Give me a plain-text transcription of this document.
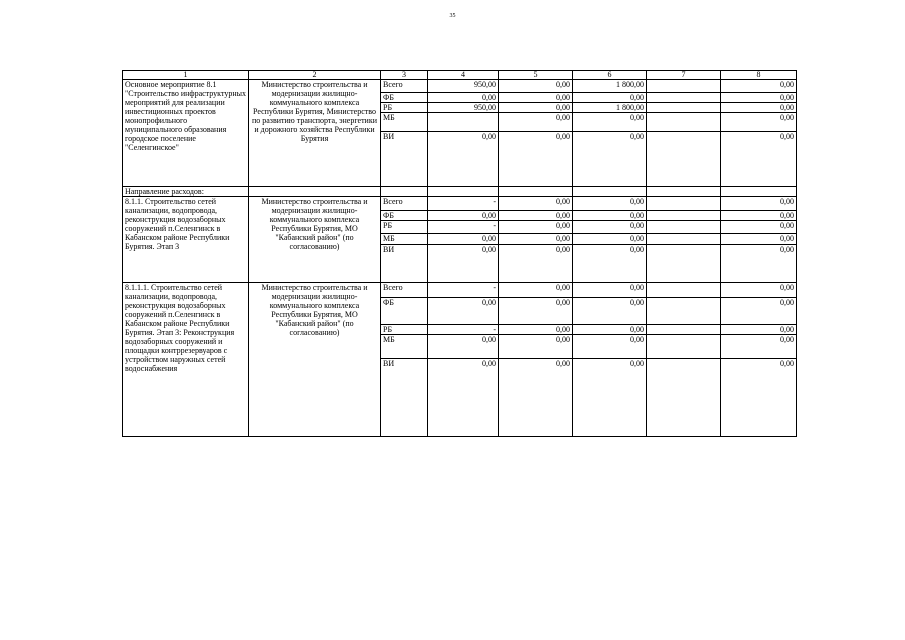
35
1	2	3	4	5	6	7	8
Основное мероприятие 8.1 "Строительство инфраструктурных мероприятий для реализации инвестиционных проектов монопрофильного муниципального образования городское поселение "Селенгинское"	Министерство строительства и модернизации жилищно-коммунального комплекса Республики Бурятия, Министерство по развитию транспорта, энергетики и дорожного хозяйства Республики Бурятия	Всего	950,00	0,00	1 800,00		0,00
		ФБ	0,00	0,00	0,00		0,00
		РБ	950,00	0,00	1 800,00		0,00
		МБ		0,00	0,00		0,00
		ВИ	0,00	0,00	0,00		0,00
Направление расходов:							
8.1.1. Строительство сетей канализации, водопровода, реконструкция водозаборных сооружений п.Селенгинск в Кабанском районе Республики Бурятия. Этап 3	Министерство строительства и модернизации жилищно-коммунального комплекса Республики Бурятия, МО "Кабанский район" (по согласованию)	Всего	-	0,00	0,00		0,00
		ФБ	0,00	0,00	0,00		0,00
		РБ	-	0,00	0,00		0,00
		МБ	0,00	0,00	0,00		0,00
		ВИ	0,00	0,00	0,00		0,00
8.1.1.1. Строительство сетей канализации, водопровода, реконструкция водозаборных сооружений п.Селенгинск в Кабанском районе Республики Бурятия. Этап 3: Реконструкция водозаборных сооружений и площадки контррезервуаров с устройством наружных сетей водоснабжения	Министерство строительства и модернизации жилищно-коммунального комплекса Республики Бурятия, МО "Кабанский район" (по согласованию)	Всего	-	0,00	0,00		0,00
		ФБ	0,00	0,00	0,00		0,00
		РБ	-	0,00	0,00		0,00
		МБ	0,00	0,00	0,00		0,00
		ВИ	0,00	0,00	0,00		0,00
